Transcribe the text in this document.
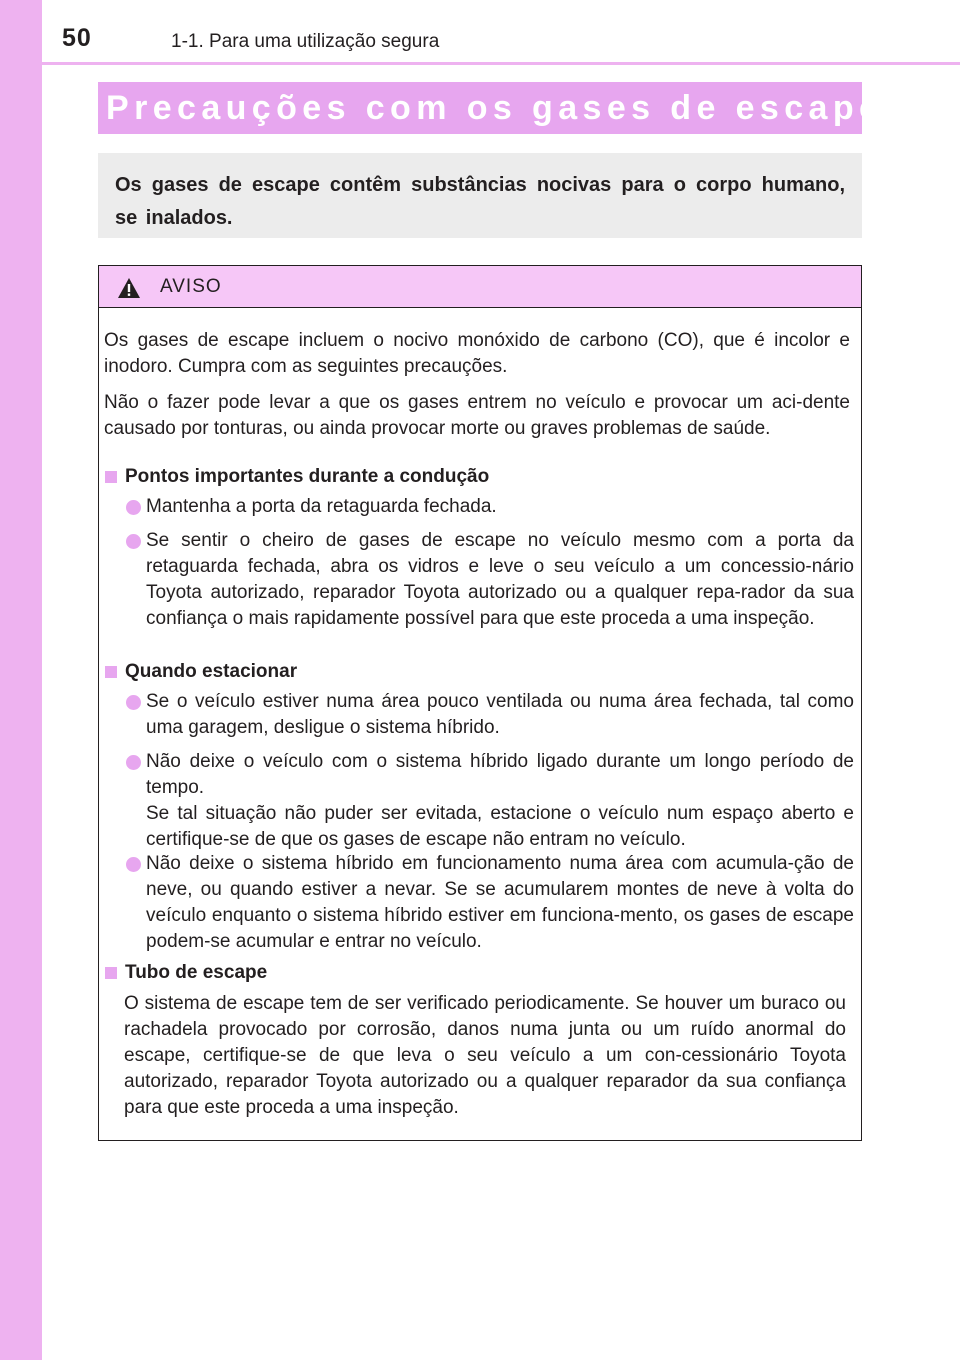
50	1-1. Para uma utilização segura
Precauções com os gases de escape
Os gases de escape contêm substâncias nocivas para o corpo humano, se inalados.
AVISO
Os gases de escape incluem o nocivo monóxido de carbono (CO), que é incolor e inodoro. Cumpra com as seguintes precauções.
Não o fazer pode levar a que os gases entrem no veículo e provocar um aci-dente causado por tonturas, ou ainda provocar morte ou graves problemas de saúde.
Pontos importantes durante a condução
Mantenha a porta da retaguarda fechada.
Se sentir o cheiro de gases de escape no veículo mesmo com a porta da retaguarda fechada, abra os vidros e leve o seu veículo a um concessio-nário Toyota autorizado, reparador Toyota autorizado ou a qualquer repa-rador da sua confiança o mais rapidamente possível para que este proceda a uma inspeção.
Quando estacionar
Se o veículo estiver numa área pouco ventilada ou numa área fechada, tal como uma garagem, desligue o sistema híbrido.
Não deixe o veículo com o sistema híbrido ligado durante um longo período de tempo.
Se tal situação não puder ser evitada, estacione o veículo num espaço aberto e certifique-se de que os gases de escape não entram no veículo.
Não deixe o sistema híbrido em funcionamento numa área com acumula-ção de neve, ou quando estiver a nevar. Se se acumularem montes de neve à volta do veículo enquanto o sistema híbrido estiver em funciona-mento, os gases de escape podem-se acumular e entrar no veículo.
Tubo de escape
O sistema de escape tem de ser verificado periodicamente. Se houver um buraco ou rachadela provocado por corrosão, danos numa junta ou um ruído anormal do escape, certifique-se de que leva o seu veículo a um con-cessionário Toyota autorizado, reparador Toyota autorizado ou a qualquer reparador da sua confiança para que este proceda a uma inspeção.
